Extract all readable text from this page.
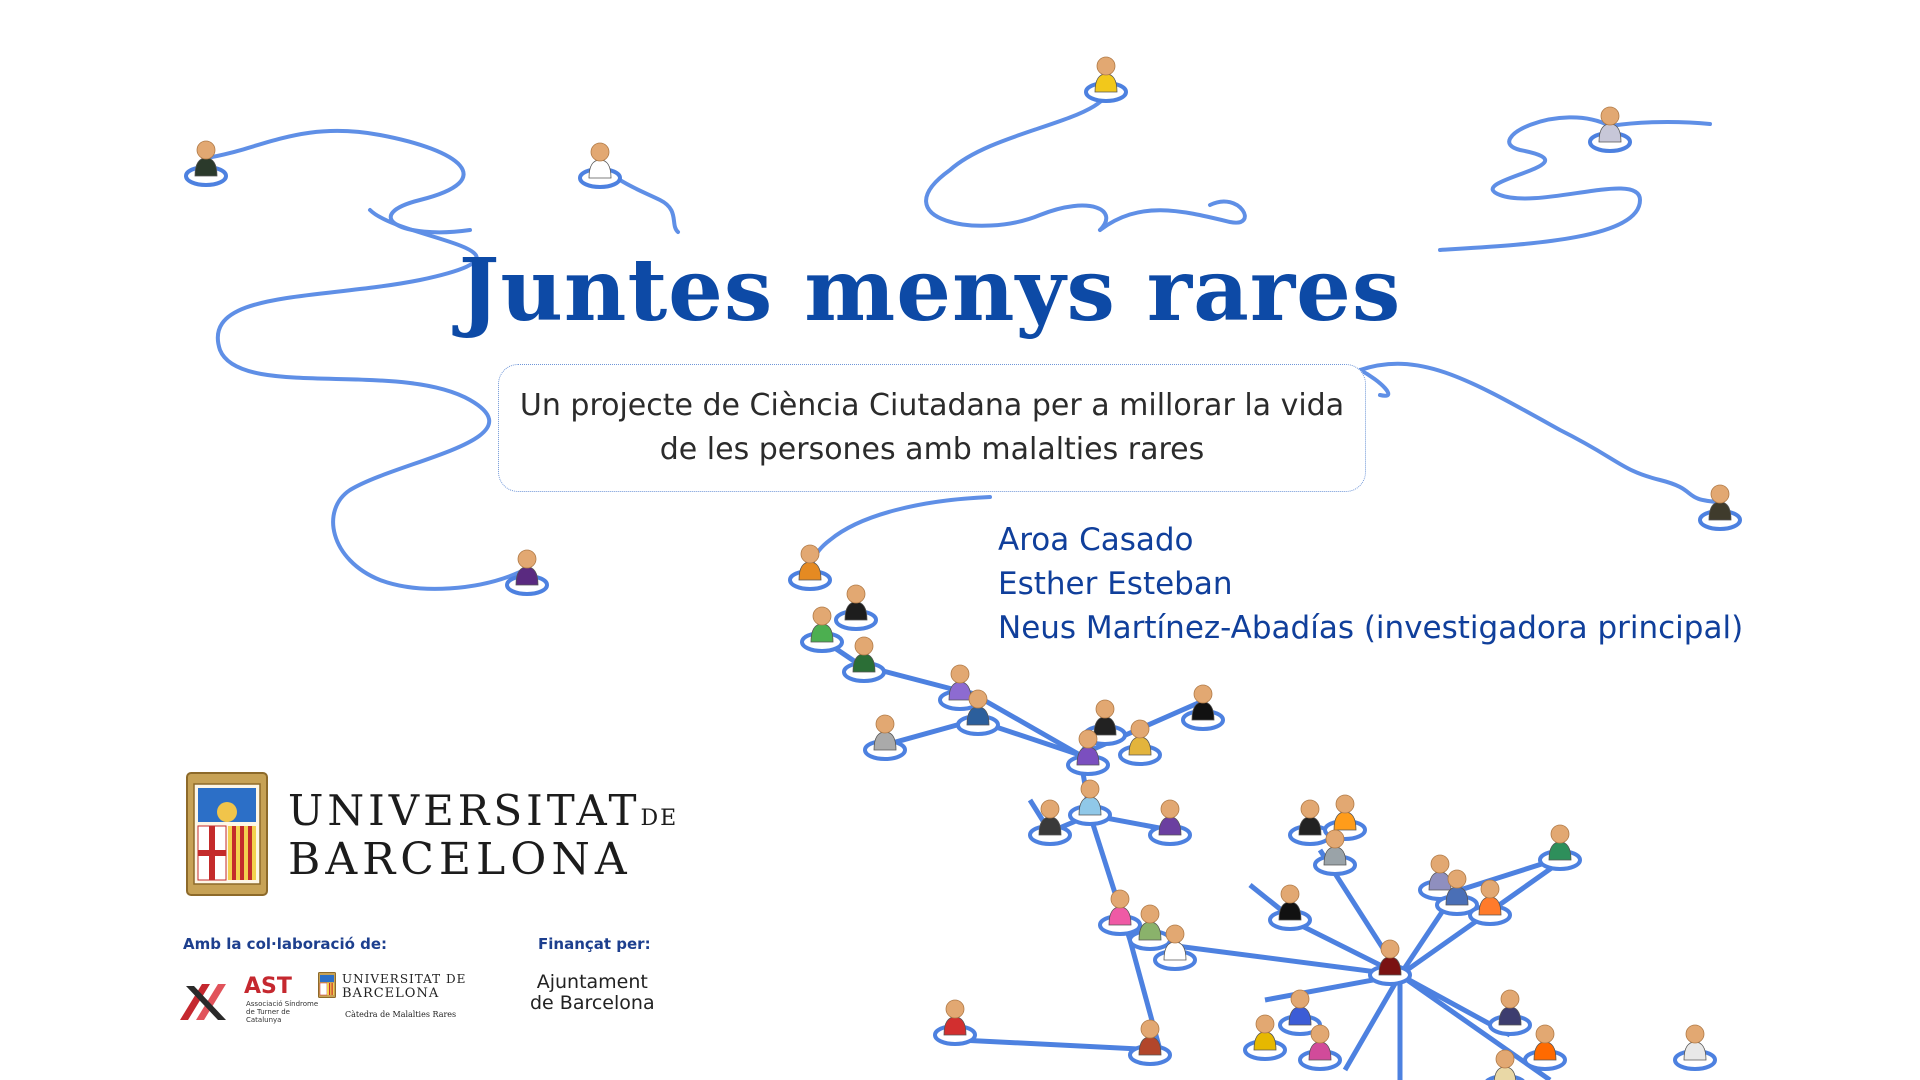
Juntes menys rares
Un projecte de Ciència Ciutadana per a millorar la vida
de les persones amb malalties rares
Aroa Casado
Esther Esteban
Neus Martínez-Abadías (investigadora principal)
UNIVERSITATDE
BARCELONA
Amb la col·laboració de:	Finançat per:
AST
Associació Síndrome de Turner de Catalunya
UNIVERSITAT DE
BARCELONA
Càtedra de Malalties Rares
Ajuntament
de Barcelona
